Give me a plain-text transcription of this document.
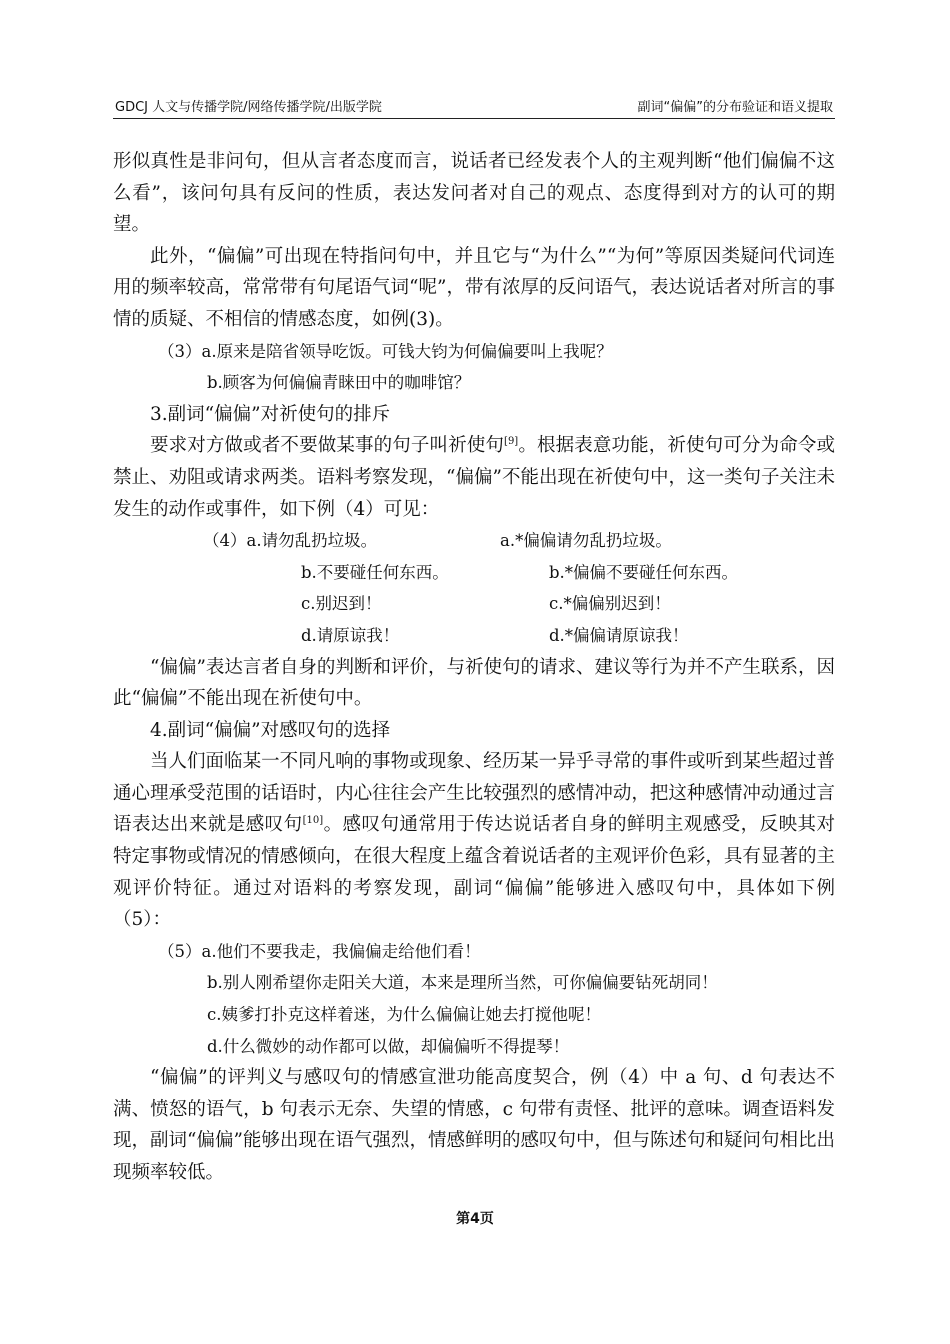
GDCJ 人文与传播学院/网络传播学院/出版学院	副词“偏偏”的分布验证和语义提取

形似真性是非问句，但从言者态度而言，说话者已经发表个人的主观判断“他们偏偏不这么看”，该问句具有反问的性质，表达发问者对自己的观点、态度得到对方的认可的期望。

此外，“偏偏”可出现在特指问句中，并且它与“为什么”“为何”等原因类疑问代词连用的频率较高，常常带有句尾语气词“呢”，带有浓厚的反问语气，表达说话者对所言的事情的质疑、不相信的情感态度，如例(3)。

（3）a.原来是陪省领导吃饭。可钱大钧为何偏偏要叫上我呢？

b.顾客为何偏偏青睐田中的咖啡馆？

3.副词“偏偏”对祈使句的排斥

要求对方做或者不要做某事的句子叫祈使句[9]。根据表意功能，祈使句可分为命令或禁止、劝阻或请求两类。语料考察发现，“偏偏”不能出现在祈使句中，这一类句子关注未发生的动作或事件，如下例（4）可见：

（4）a.请勿乱扔垃圾。	a.*偏偏请勿乱扔垃圾。
b.不要碰任何东西。	b.*偏偏不要碰任何东西。
c.别迟到！	c.*偏偏别迟到！
d.请原谅我！	d.*偏偏请原谅我！

“偏偏”表达言者自身的判断和评价，与祈使句的请求、建议等行为并不产生联系，因此“偏偏”不能出现在祈使句中。

4.副词“偏偏”对感叹句的选择

当人们面临某一不同凡响的事物或现象、经历某一异乎寻常的事件或听到某些超过普通心理承受范围的话语时，内心往往会产生比较强烈的感情冲动，把这种感情冲动通过言语表达出来就是感叹句[10]。感叹句通常用于传达说话者自身的鲜明主观感受，反映其对特定事物或情况的情感倾向，在很大程度上蕴含着说话者的主观评价色彩，具有显著的主观评价特征。通过对语料的考察发现，副词“偏偏”能够进入感叹句中，具体如下例（5）：

（5）a.他们不要我走，我偏偏走给他们看！

b.别人刚希望你走阳关大道，本来是理所当然，可你偏偏要钻死胡同！

c.姨爹打扑克这样着迷，为什么偏偏让她去打搅他呢！

d.什么微妙的动作都可以做，却偏偏听不得提琴！

“偏偏”的评判义与感叹句的情感宣泄功能高度契合，例（4）中 a 句、d 句表达不满、愤怒的语气，b 句表示无奈、失望的情感，c 句带有责怪、批评的意味。调查语料发现，副词“偏偏”能够出现在语气强烈，情感鲜明的感叹句中，但与陈述句和疑问句相比出现频率较低。

第4页
